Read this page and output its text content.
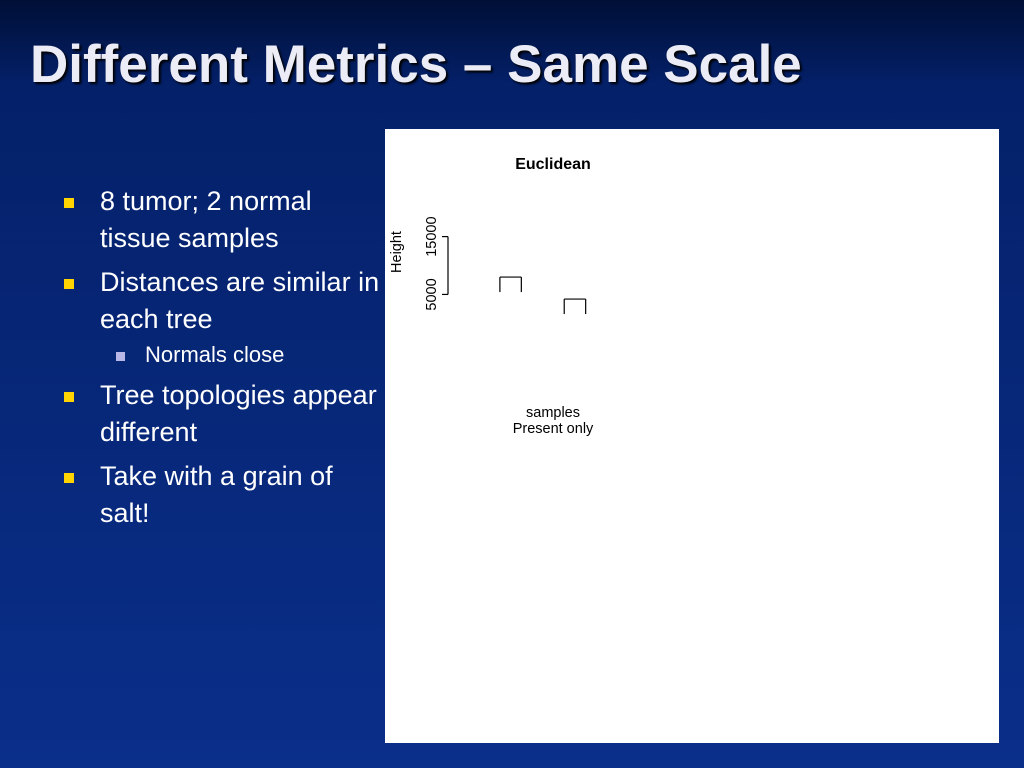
Different Metrics – Same Scale
8 tumor; 2 normal tissue samples
Distances are similar in each tree
Normals close
Tree topologies appear different
Take with a grain of salt!
Euclidean
Height
samples
Present only
5000
15000
